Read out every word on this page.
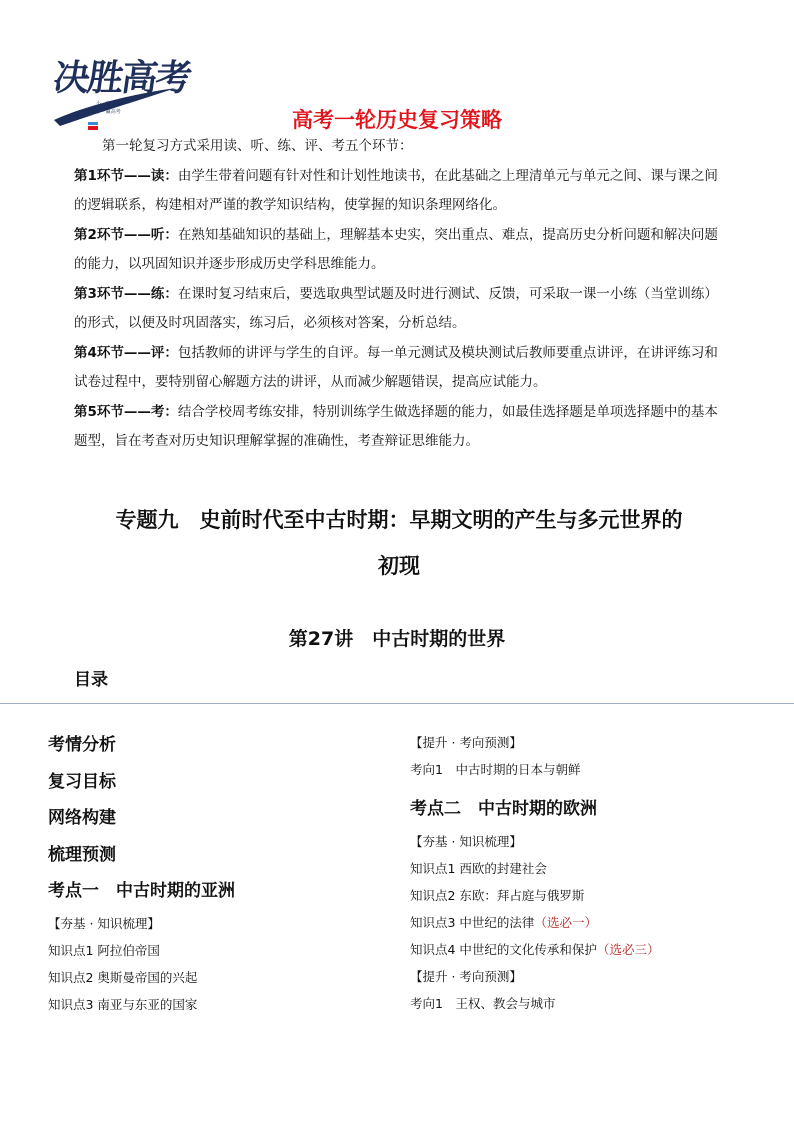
决胜高考
小 · 赢大我
学 · 赢高考	高考一轮历史复习策略

第一轮复习方式采用读、听、练、评、考五个环节：

第1环节——读：由学生带着问题有针对性和计划性地读书，在此基础之上理清单元与单元之间、课与课之间的逻辑联系，构建相对严谨的教学知识结构，使掌握的知识条理网络化。

第2环节——听：在熟知基础知识的基础上，理解基本史实，突出重点、难点，提高历史分析问题和解决问题的能力，以巩固知识并逐步形成历史学科思维能力。

第3环节——练：在课时复习结束后，要选取典型试题及时进行测试、反馈，可采取一课一小练（当堂训练）的形式，以便及时巩固落实，练习后，必须核对答案，分析总结。

第4环节——评：包括教师的讲评与学生的自评。每一单元测试及模块测试后教师要重点讲评，在讲评练习和试卷过程中，要特别留心解题方法的讲评，从而减少解题错误，提高应试能力。

第5环节——考：结合学校周考练安排，特别训练学生做选择题的能力，如最佳选择题是单项选择题中的基本题型，旨在考查对历史知识理解掌握的准确性，考查辩证思维能力。

专题九　史前时代至中古时期：早期文明的产生与多元世界的
初现
第27讲　中古时期的世界
目录
考情分析
复习目标
网络构建
梳理预测
考点一　中古时期的亚洲
【夯基 · 知识梳理】
知识点1 阿拉伯帝国
知识点2 奥斯曼帝国的兴起
知识点3 南亚与东亚的国家
【提升 · 考向预测】
考向1　中古时期的日本与朝鲜
考点二　中古时期的欧洲
【夯基 · 知识梳理】
知识点1 西欧的封建社会
知识点2 东欧：拜占庭与俄罗斯
知识点3 中世纪的法律（选必一）
知识点4 中世纪的文化传承和保护（选必三）
【提升 · 考向预测】
考向1　王权、教会与城市
